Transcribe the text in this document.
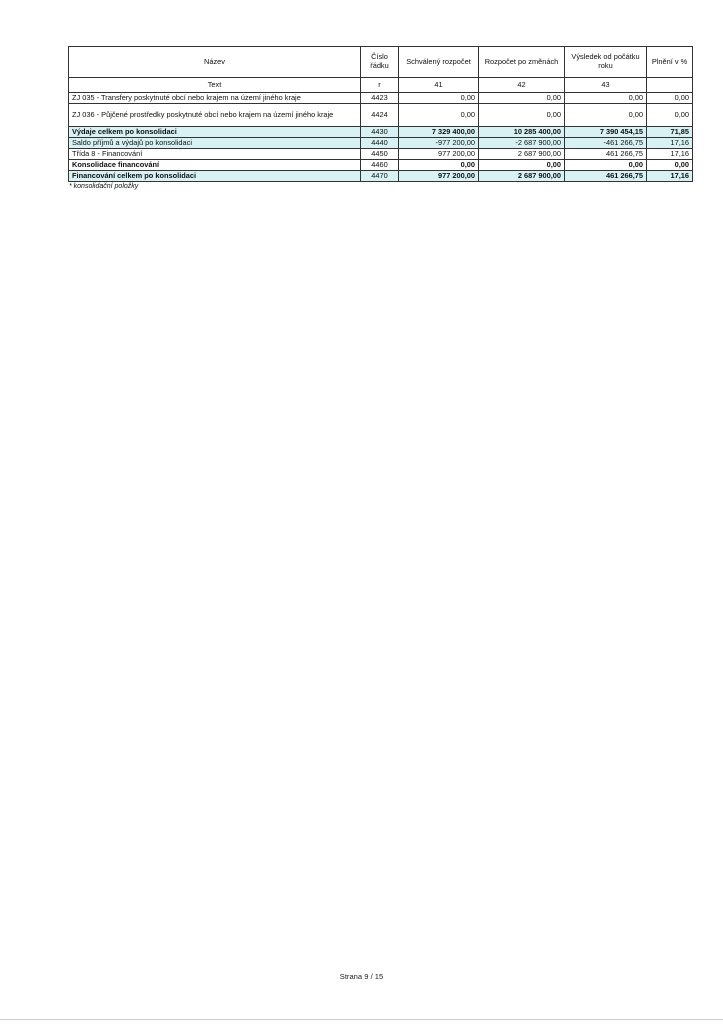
Název	Číslo řádku	Schválený rozpočet	Rozpočet po změnách	Výsledek od počátku roku	Plnění v %
Text	r	41	42	43	
ZJ 035 - Transfery poskytnuté obcí nebo krajem na území jiného kraje	4423	0,00	0,00	0,00	0,00
ZJ 036 - Půjčené prostředky poskytnuté obcí nebo krajem na území jiného kraje	4424	0,00	0,00	0,00	0,00
Výdaje celkem po konsolidaci	4430	7 329 400,00	10 285 400,00	7 390 454,15	71,85
Saldo příjmů a výdajů po konsolidaci	4440	-977 200,00	-2 687 900,00	-461 266,75	17,16
Třída 8 - Financování	4450	977 200,00	2 687 900,00	461 266,75	17,16
Konsolidace financování	4460	0,00	0,00	0,00	0,00
Financování celkem po konsolidaci	4470	977 200,00	2 687 900,00	461 266,75	17,16
* konsolidační položky
Strana 9 / 15
